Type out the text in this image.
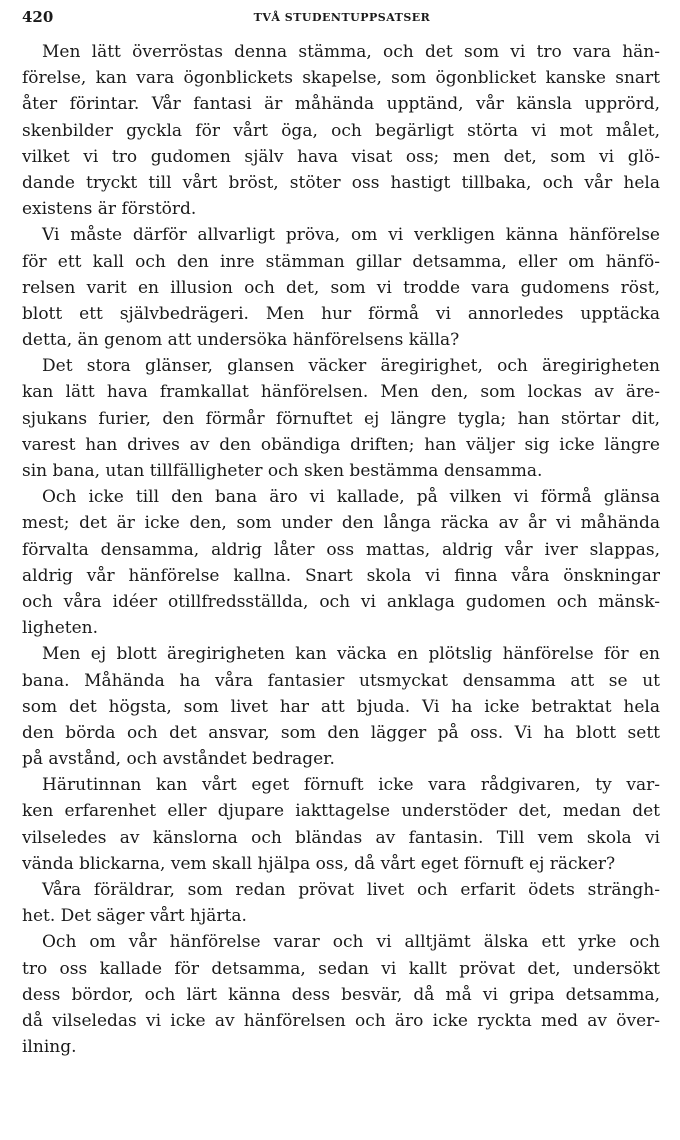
420	TVÅ STUDENTUPPSATSER
Men lätt överröstas denna stämma, och det som vi tro vara hän-
förelse, kan vara ögonblickets skapelse, som ögonblicket kanske snart
åter förintar. Vår fantasi är måhända upptänd, vår känsla upprörd,
skenbilder gyckla för vårt öga, och begärligt störta vi mot målet,
vilket vi tro gudomen själv hava visat oss; men det, som vi glö-
dande tryckt till vårt bröst, stöter oss hastigt tillbaka, och vår hela
existens är förstörd.
Vi måste därför allvarligt pröva, om vi verkligen känna hänförelse
för ett kall och den inre stämman gillar detsamma, eller om hänfö-
relsen varit en illusion och det, som vi trodde vara gudomens röst,
blott ett självbedrägeri. Men hur förmå vi annorledes upptäcka
detta, än genom att undersöka hänförelsens källa?
Det stora glänser, glansen väcker äregirighet, och äregirigheten
kan lätt hava framkallat hänförelsen. Men den, som lockas av äre-
sjukans furier, den förmår förnuftet ej längre tygla; han störtar dit,
varest han drives av den obändiga driften; han väljer sig icke längre
sin bana, utan tillfälligheter och sken bestämma densamma.
Och icke till den bana äro vi kallade, på vilken vi förmå glänsa
mest; det är icke den, som under den långa räcka av år vi måhända
förvalta densamma, aldrig låter oss mattas, aldrig vår iver slappas,
aldrig vår hänförelse kallna. Snart skola vi finna våra önskningar
och våra idéer otillfredsställda, och vi anklaga gudomen och mänsk-
ligheten.
Men ej blott äregirigheten kan väcka en plötslig hänförelse för en
bana. Måhända ha våra fantasier utsmyckat densamma att se ut
som det högsta, som livet har att bjuda. Vi ha icke betraktat hela
den börda och det ansvar, som den lägger på oss. Vi ha blott sett
på avstånd, och avståndet bedrager.
Härutinnan kan vårt eget förnuft icke vara rådgivaren, ty var-
ken erfarenhet eller djupare iakttagelse understöder det, medan det
vilseledes av känslorna och bländas av fantasin. Till vem skola vi
vända blickarna, vem skall hjälpa oss, då vårt eget förnuft ej räcker?
Våra föräldrar, som redan prövat livet och erfarit ödets strängh-
het. Det säger vårt hjärta.
Och om vår hänförelse varar och vi alltjämt älska ett yrke och
tro oss kallade för detsamma, sedan vi kallt prövat det, undersökt
dess bördor, och lärt känna dess besvär, då må vi gripa detsamma,
då vilseledas vi icke av hänförelsen och äro icke ryckta med av över-
ilning.
